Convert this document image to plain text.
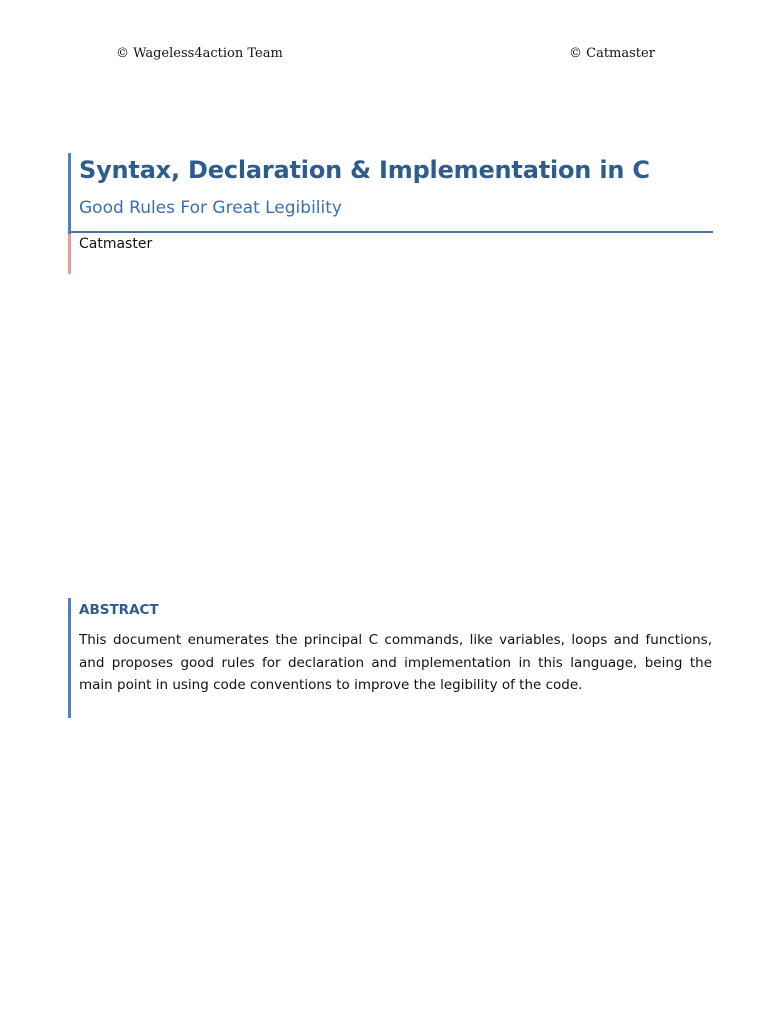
© Wageless4action Team	© Catmaster
Syntax, Declaration & Implementation in C
Good Rules For Great Legibility
Catmaster
ABSTRACT
This document enumerates the principal C commands, like variables, loops and functions, and proposes good rules for declaration and implementation in this language, being the main point in using code conventions to improve the legibility of the code.
